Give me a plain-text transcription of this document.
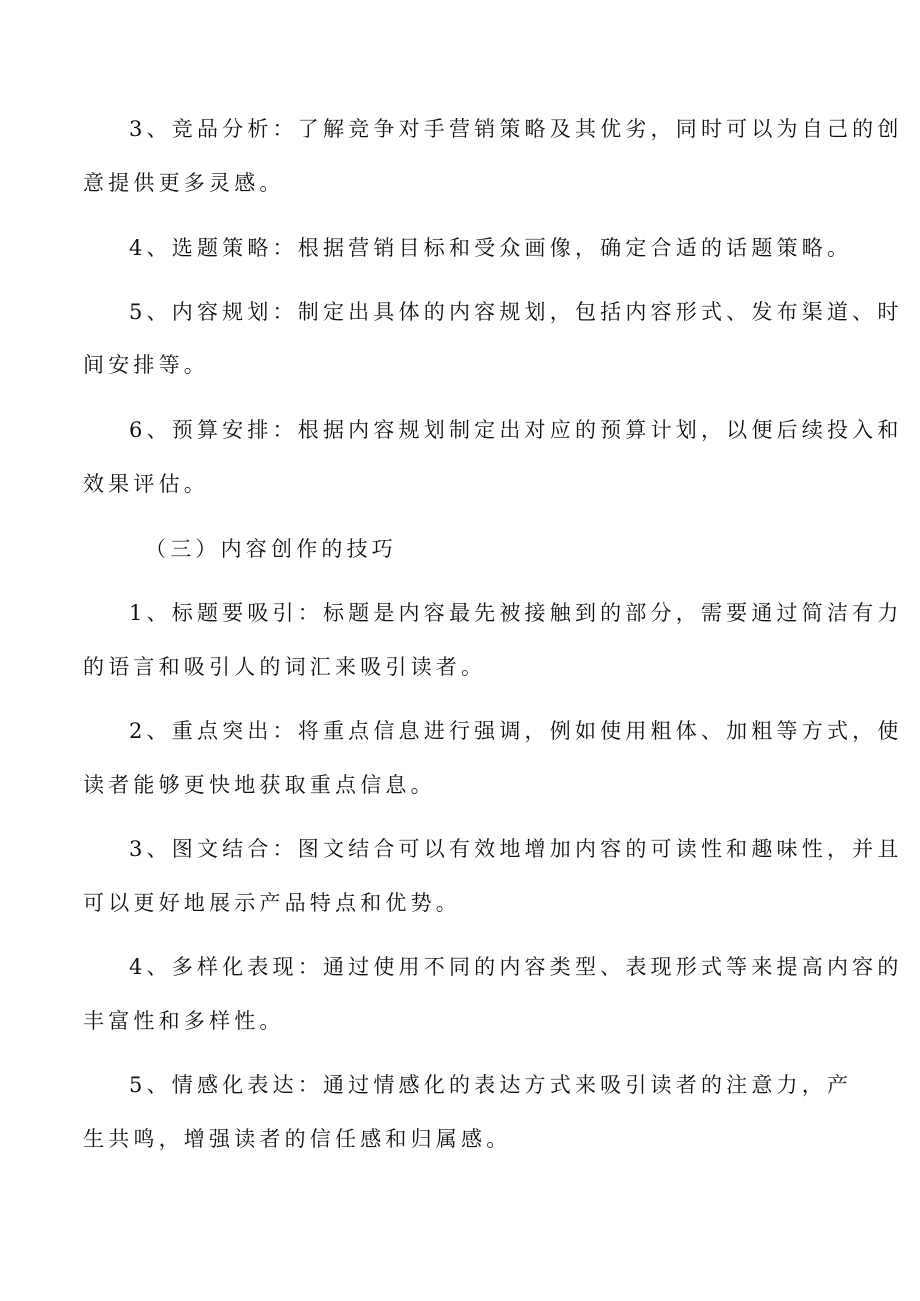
3、竞品分析：了解竞争对手营销策略及其优劣，同时可以为自己的创
意提供更多灵感。
4、选题策略：根据营销目标和受众画像，确定合适的话题策略。
5、内容规划：制定出具体的内容规划，包括内容形式、发布渠道、时
间安排等。
6、预算安排：根据内容规划制定出对应的预算计划，以便后续投入和
效果评估。
（三）内容创作的技巧
1、标题要吸引：标题是内容最先被接触到的部分，需要通过简洁有力
的语言和吸引人的词汇来吸引读者。
2、重点突出：将重点信息进行强调，例如使用粗体、加粗等方式，使
读者能够更快地获取重点信息。
3、图文结合：图文结合可以有效地增加内容的可读性和趣味性，并且
可以更好地展示产品特点和优势。
4、多样化表现：通过使用不同的内容类型、表现形式等来提高内容的
丰富性和多样性。
5、情感化表达：通过情感化的表达方式来吸引读者的注意力，产
生共鸣，增强读者的信任感和归属感。
